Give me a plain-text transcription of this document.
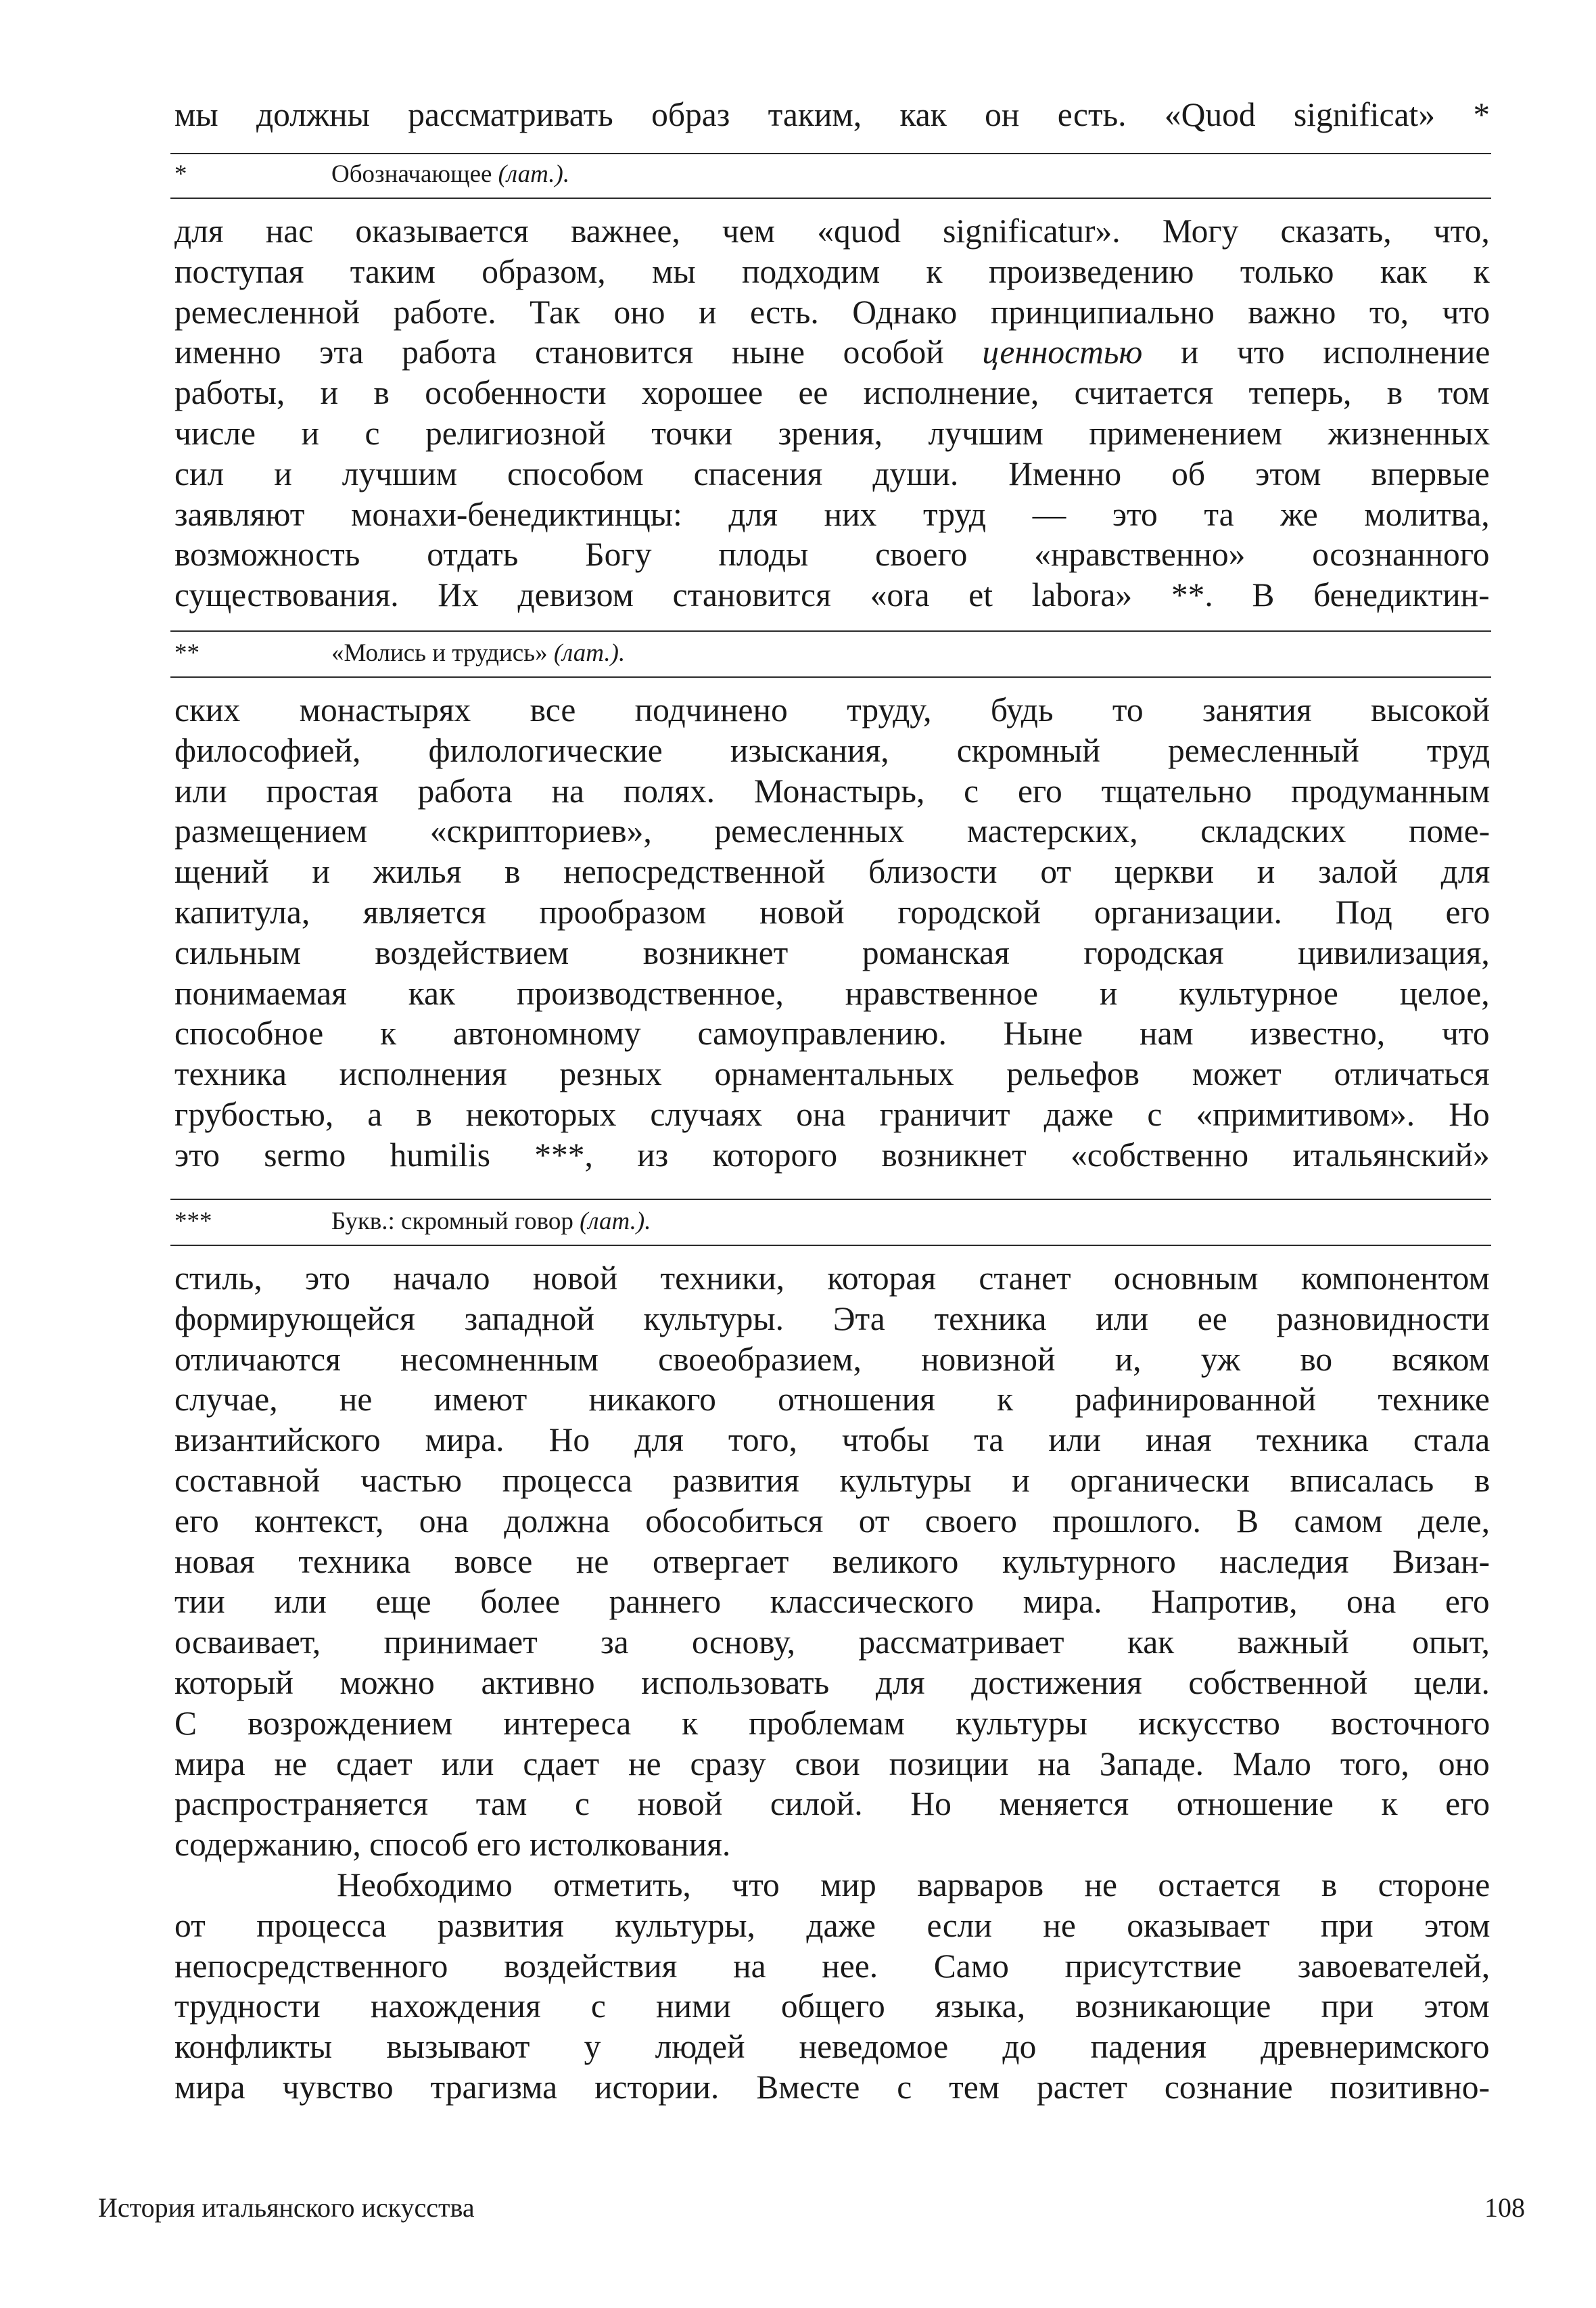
мы должны рассматривать образ таким, как он есть. «Quod significat» *
*	Обозначающее (лат.).
для нас оказывается важнее, чем «quod significatur». Могу сказать, что,
поступая таким образом, мы подходим к произведению только как к
ремесленной работе. Так оно и есть. Однако принципиально важно то, что
именно эта работа становится ныне особой ценностью и что исполнение
работы, и в особенности хорошее ее исполнение, считается теперь, в том
числе и с религиозной точки зрения, лучшим применением жизненных
сил и лучшим способом спасения души. Именно об этом впервые
заявляют монахи-бенедиктинцы: для них труд — это та же молитва,
возможность отдать Богу плоды своего «нравственно» осознанного
существования. Их девизом становится «ora et labora» **. В бенедиктин-
**	«Молись и трудись» (лат.).
ских монастырях все подчинено труду, будь то занятия высокой
философией, филологические изыскания, скромный ремесленный труд
или простая работа на полях. Монастырь, с его тщательно продуманным
размещением «скрипториев», ремесленных мастерских, складских поме-
щений и жилья в непосредственной близости от церкви и залой для
капитула, является прообразом новой городской организации. Под его
сильным воздействием возникнет романская городская цивилизация,
понимаемая как производственное, нравственное и культурное целое,
способное к автономному самоуправлению. Ныне нам известно, что
техника исполнения резных орнаментальных рельефов может отличаться
грубостью, а в некоторых случаях она граничит даже с «примитивом». Но
это sermo humilis ***, из которого возникнет «собственно итальянский»
***	Букв.: скромный говор (лат.).
стиль, это начало новой техники, которая станет основным компонентом
формирующейся западной культуры. Эта техника или ее разновидности
отличаются несомненным своеобразием, новизной и, уж во всяком
случае, не имеют никакого отношения к рафинированной технике
византийского мира. Но для того, чтобы та или иная техника стала
составной частью процесса развития культуры и органически вписалась в
его контекст, она должна обособиться от своего прошлого. В самом деле,
новая техника вовсе не отвергает великого культурного наследия Визан-
тии или еще более раннего классического мира. Напротив, она его
осваивает, принимает за основу, рассматривает как важный опыт,
который можно активно использовать для достижения собственной цели.
С возрождением интереса к проблемам культуры искусство восточного
мира не сдает или сдает не сразу свои позиции на Западе. Мало того, оно
распространяется там с новой силой. Но меняется отношение к его
содержанию, способ его истолкования.
Необходимо отметить, что мир варваров не остается в стороне
от процесса развития культуры, даже если не оказывает при этом
непосредственного воздействия на нее. Само присутствие завоевателей,
трудности нахождения с ними общего языка, возникающие при этом
конфликты вызывают у людей неведомое до падения древнеримского
мира чувство трагизма истории. Вместе с тем растет сознание позитивно-
История итальянского искусства	108
